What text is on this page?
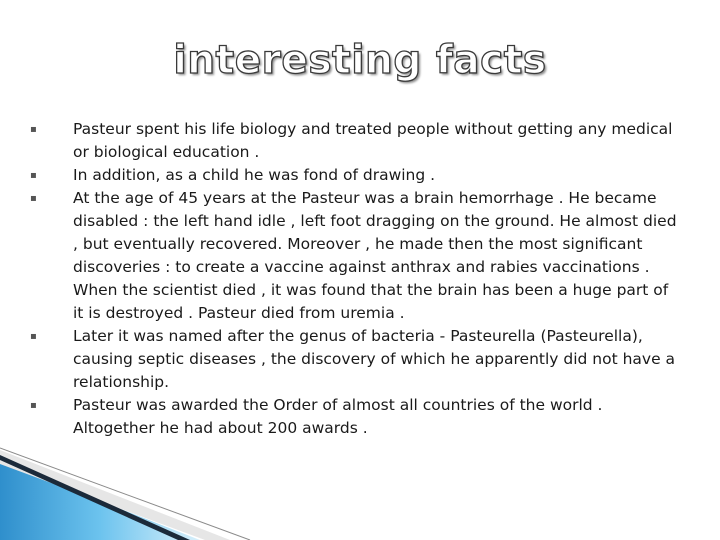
interesting facts
▪	Pasteur spent his life biology and treated people without getting any medical or biological education .
▪	In addition, as a child he was fond of drawing .
▪	At the age of 45 years at the Pasteur was a brain hemorrhage . He became disabled : the left hand idle , left foot dragging on the ground. He almost died , but eventually recovered. Moreover , he made then the most significant discoveries : to create a vaccine against anthrax and rabies vaccinations . When the scientist died , it was found that the brain has been a huge part of it is destroyed . Pasteur died from uremia .
▪	Later it was named after the genus of bacteria - Pasteurella (Pasteurella), causing septic diseases , the discovery of which he apparently did not have a relationship.
▪	Pasteur was awarded the Order of almost all countries of the world . Altogether he had about 200 awards .
